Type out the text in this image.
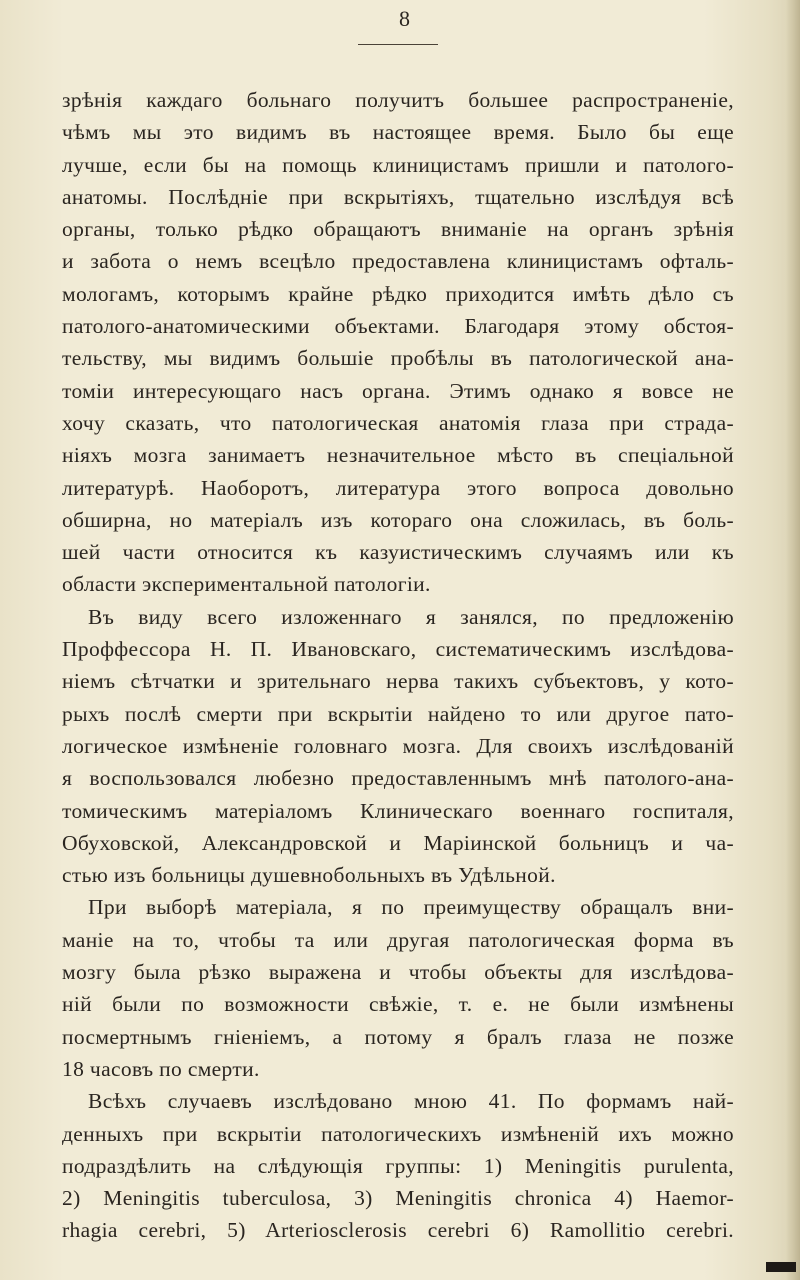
8
зрѣнія каждаго больнаго получитъ большее распространеніе,
чѣмъ мы это видимъ въ настоящее время. Было бы еще
лучше, если бы на помощь клиницистамъ пришли и патолого-
анатомы. Послѣдніе при вскрытіяхъ, тщательно изслѣдуя всѣ
органы, только рѣдко обращаютъ вниманіе на органъ зрѣнія
и забота о немъ всецѣло предоставлена клиницистамъ офталь-
мологамъ, которымъ крайне рѣдко приходится имѣть дѣло съ
патолого-анатомическими объектами. Благодаря этому обстоя-
тельству, мы видимъ большіе пробѣлы въ патологической ана-
томіи интересующаго насъ органа. Этимъ однако я вовсе не
хочу сказать, что патологическая анатомія глаза при страда-
ніяхъ мозга занимаетъ незначительное мѣсто въ спеціальной
литературѣ. Наоборотъ, литература этого вопроса довольно
обширна, но матеріалъ изъ котораго она сложилась, въ боль-
шей части относится къ казуистическимъ случаямъ или къ
области экспериментальной патологіи.
Въ виду всего изложеннаго я занялся, по предложенію
Проффессора Н. П. Ивановскаго, систематическимъ изслѣдова-
ніемъ сѣтчатки и зрительнаго нерва такихъ субъектовъ, у кото-
рыхъ послѣ смерти при вскрытіи найдено то или другое пато-
логическое измѣненіе головнаго мозга. Для своихъ изслѣдованій
я воспользовался любезно предоставленнымъ мнѣ патолого-ана-
томическимъ матеріаломъ Клиническаго военнаго госпиталя,
Обуховской, Александровской и Маріинской больницъ и ча-
стью изъ больницы душевнобольныхъ въ Удѣльной.
При выборѣ матеріала, я по преимуществу обращалъ вни-
маніе на то, чтобы та или другая патологическая форма въ
мозгу была рѣзко выражена и чтобы объекты для изслѣдова-
ній были по возможности свѣжіе, т. е. не были измѣнены
посмертнымъ гніеніемъ, а потому я бралъ глаза не позже
18 часовъ по смерти.
Всѣхъ случаевъ изслѣдовано мною 41. По формамъ най-
денныхъ при вскрытіи патологическихъ измѣненій ихъ можно
подраздѣлить на слѣдующія группы: 1) Meningitis purulenta,
2) Meningitis tuberculosa, 3) Meningitis chronica 4) Haemor-
rhagia cerebri, 5) Arteriosclerosis cerebri 6) Ramollitio cerebri.
